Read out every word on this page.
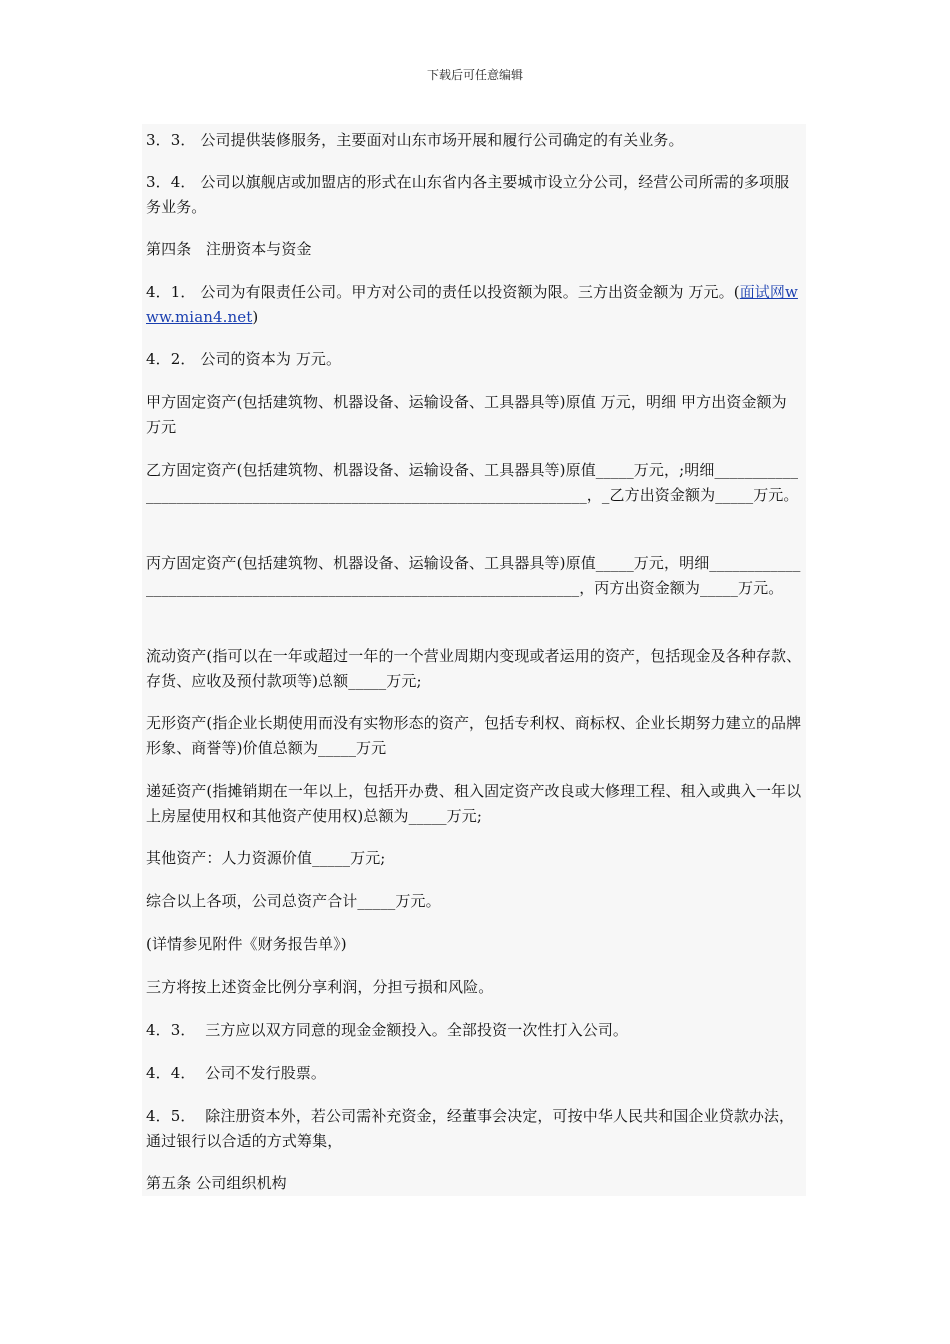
下载后可任意编辑

3．3． 公司提供装修服务，主要面对山东市场开展和履行公司确定的有关业务。

3．4． 公司以旗舰店或加盟店的形式在山东省内各主要城市设立分公司，经营公司所需的多项服务业务。

第四条   注册资本与资金

4．1． 公司为有限责任公司。甲方对公司的责任以投资额为限。三方出资金额为 万元。(面试网www.mian4.net)

4．2． 公司的资本为 万元。

甲方固定资产(包括建筑物、机器设备、运输设备、工具器具等)原值 万元，明细 甲方出资金额为 万元

乙方固定资产(包括建筑物、机器设备、运输设备、工具器具等)原值_____万元，;明细_____________________________________________________________________，_乙方出资金额为_____万元。

丙方固定资产(包括建筑物、机器设备、运输设备、工具器具等)原值_____万元，明细_____________________________________________________________________，丙方出资金额为_____万元。

流动资产(指可以在一年或超过一年的一个营业周期内变现或者运用的资产，包括现金及各种存款、存货、应收及预付款项等)总额_____万元;

无形资产(指企业长期使用而没有实物形态的资产，包括专利权、商标权、企业长期努力建立的品牌形象、商誉等)价值总额为_____万元

递延资产(指摊销期在一年以上，包括开办费、租入固定资产改良或大修理工程、租入或典入一年以上房屋使用权和其他资产使用权)总额为_____万元;

其他资产：人力资源价值_____万元;

综合以上各项，公司总资产合计_____万元。

(详情参见附件《财务报告单》)

三方将按上述资金比例分享利润，分担亏损和风险。

4．3．  三方应以双方同意的现金金额投入。全部投资一次性打入公司。

4．4．  公司不发行股票。

4．5．  除注册资本外，若公司需补充资金，经董事会决定，可按中华人民共和国企业贷款办法，通过银行以合适的方式筹集，

第五条 公司组织机构
